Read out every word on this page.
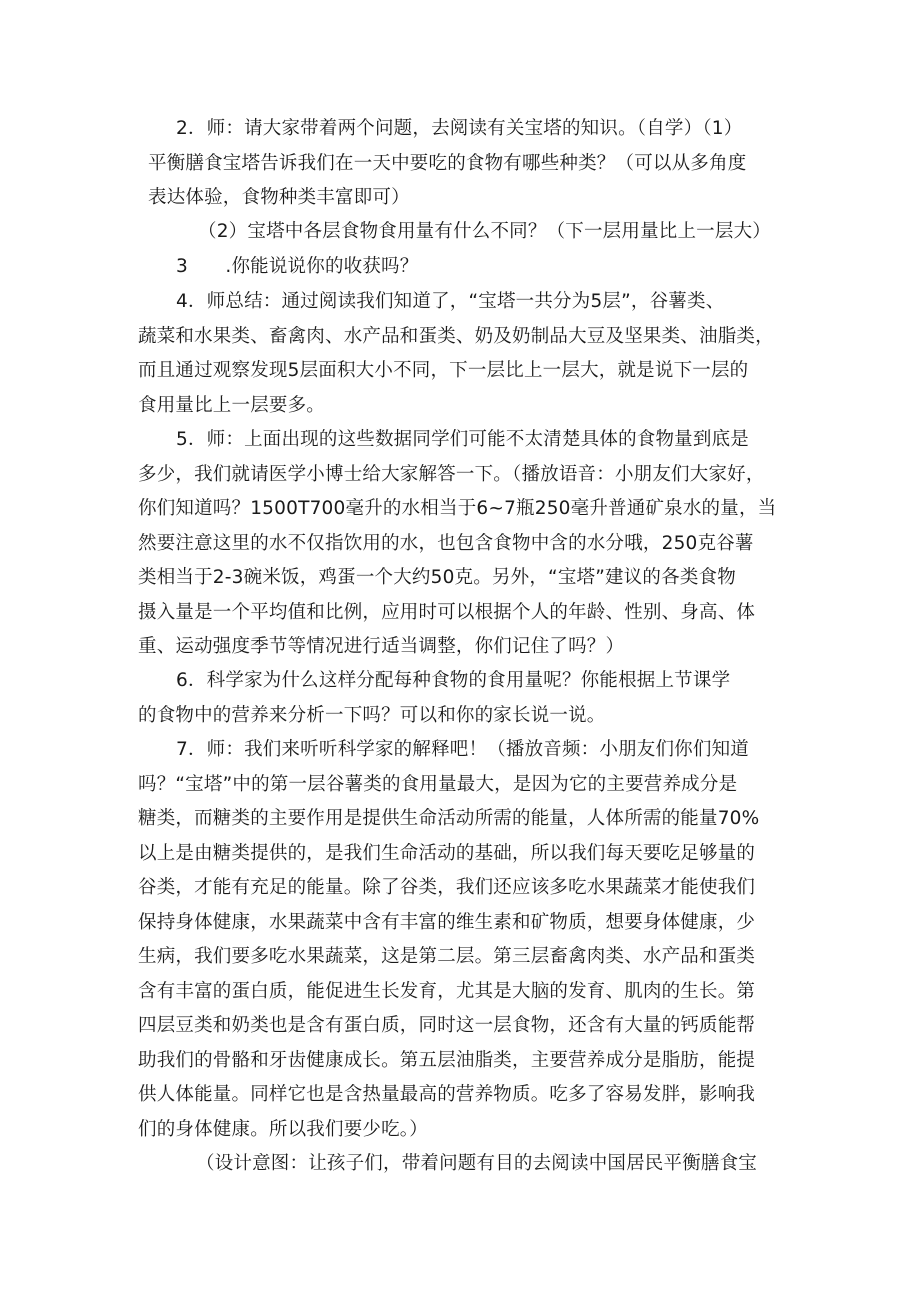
2．师：请大家带着两个问题，去阅读有关宝塔的知识。（自学）（1）
平衡膳食宝塔告诉我们在一天中要吃的食物有哪些种类？（可以从多角度
表达体验，食物种类丰富即可）
（2）宝塔中各层食物食用量有什么不同？（下一层用量比上一层大）
3　　.你能说说你的收获吗？
4．师总结：通过阅读我们知道了，“宝塔一共分为5层”，谷薯类、
蔬菜和水果类、畜禽肉、水产品和蛋类、奶及奶制品大豆及坚果类、油脂类，
而且通过观察发现5层面积大小不同，下一层比上一层大，就是说下一层的
食用量比上一层要多。
5．师：上面出现的这些数据同学们可能不太清楚具体的食物量到底是
多少，我们就请医学小博士给大家解答一下。（播放语音：小朋友们大家好，
你们知道吗？1500T700毫升的水相当于6~7瓶250毫升普通矿泉水的量，当
然要注意这里的水不仅指饮用的水，也包含食物中含的水分哦，250克谷薯
类相当于2-3碗米饭，鸡蛋一个大约50克。另外，“宝塔”建议的各类食物
摄入量是一个平均值和比例，应用时可以根据个人的年龄、性别、身高、体
重、运动强度季节等情况进行适当调整，你们记住了吗？）
6．科学家为什么这样分配每种食物的食用量呢？你能根据上节课学
的食物中的营养来分析一下吗？可以和你的家长说一说。
7．师：我们来听听科学家的解释吧！（播放音频：小朋友们你们知道
吗？“宝塔”中的第一层谷薯类的食用量最大，是因为它的主要营养成分是
糖类，而糖类的主要作用是提供生命活动所需的能量，人体所需的能量70%
以上是由糖类提供的，是我们生命活动的基础，所以我们每天要吃足够量的
谷类，才能有充足的能量。除了谷类，我们还应该多吃水果蔬菜才能使我们
保持身体健康，水果蔬菜中含有丰富的维生素和矿物质，想要身体健康，少
生病，我们要多吃水果蔬菜，这是第二层。第三层畜禽肉类、水产品和蛋类
含有丰富的蛋白质，能促进生长发育，尤其是大脑的发育、肌肉的生长。第
四层豆类和奶类也是含有蛋白质，同时这一层食物，还含有大量的钙质能帮
助我们的骨骼和牙齿健康成长。第五层油脂类，主要营养成分是脂肪，能提
供人体能量。同样它也是含热量最高的营养物质。吃多了容易发胖，影响我
们的身体健康。所以我们要少吃。）
（设计意图：让孩子们，带着问题有目的去阅读中国居民平衡膳食宝
